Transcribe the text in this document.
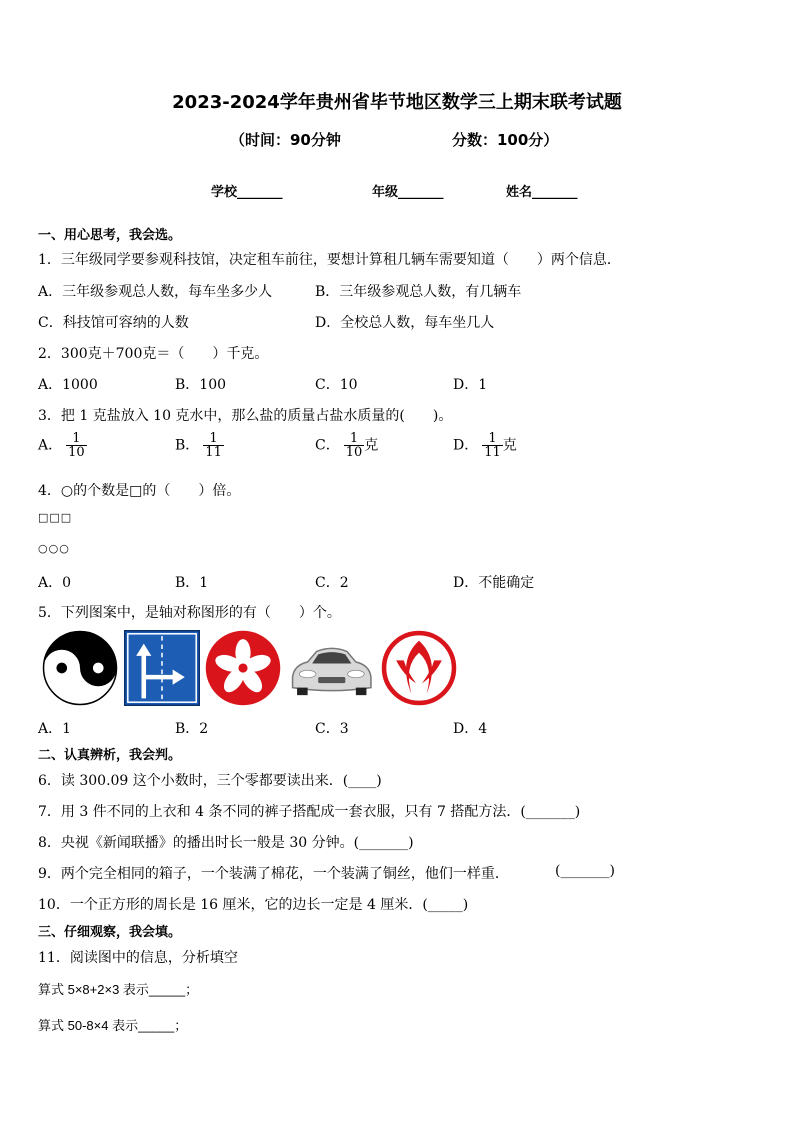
2023-2024学年贵州省毕节地区数学三上期末联考试题
（时间：90分钟	分数：100分）
学校_______	年级_______	姓名_______
一、用心思考，我会选。
1．三年级同学要参观科技馆，决定租车前往，要想计算租几辆车需要知道（　　）两个信息．
A．三年级参观总人数，每车坐多少人	B．三年级参观总人数，有几辆车
C．科技馆可容纳的人数	D．全校总人数，每车坐几人
2．300克＋700克＝（　　）千克。
A．1000	B．100	C．10	D．1
3．把 1 克盐放入 10 克水中，那么盐的质量占盐水质量的(　　)。
A． $\frac{1}{10}$	B． $\frac{1}{11}$	C． $\frac{1}{10}$ 克	D． $\frac{1}{11}$ 克
4．○的个数是□的（　　）倍。
□□□
○○○
A．0	B．1	C．2	D．不能确定
5．下列图案中，是轴对称图形的有（　　）个。
A．1	B．2	C．3	D．4
二、认真辨析，我会判。
6．读 300.09 这个小数时，三个零都要读出来．(____)
7．用 3 件不同的上衣和 4 条不同的裤子搭配成一套衣服，只有 7 搭配方法．(_______)
8．央视《新闻联播》的播出时长一般是 30 分钟。(_______)
9．两个完全相同的箱子，一个装满了棉花，一个装满了铜丝，他们一样重．	(_______)
10．一个正方形的周长是 16 厘米，它的边长一定是 4 厘米．(_____)
三、仔细观察，我会填。
11．阅读图中的信息，分析填空
算式 5×8+2×3 表示_____；
算式 50-8×4 表示_____；
